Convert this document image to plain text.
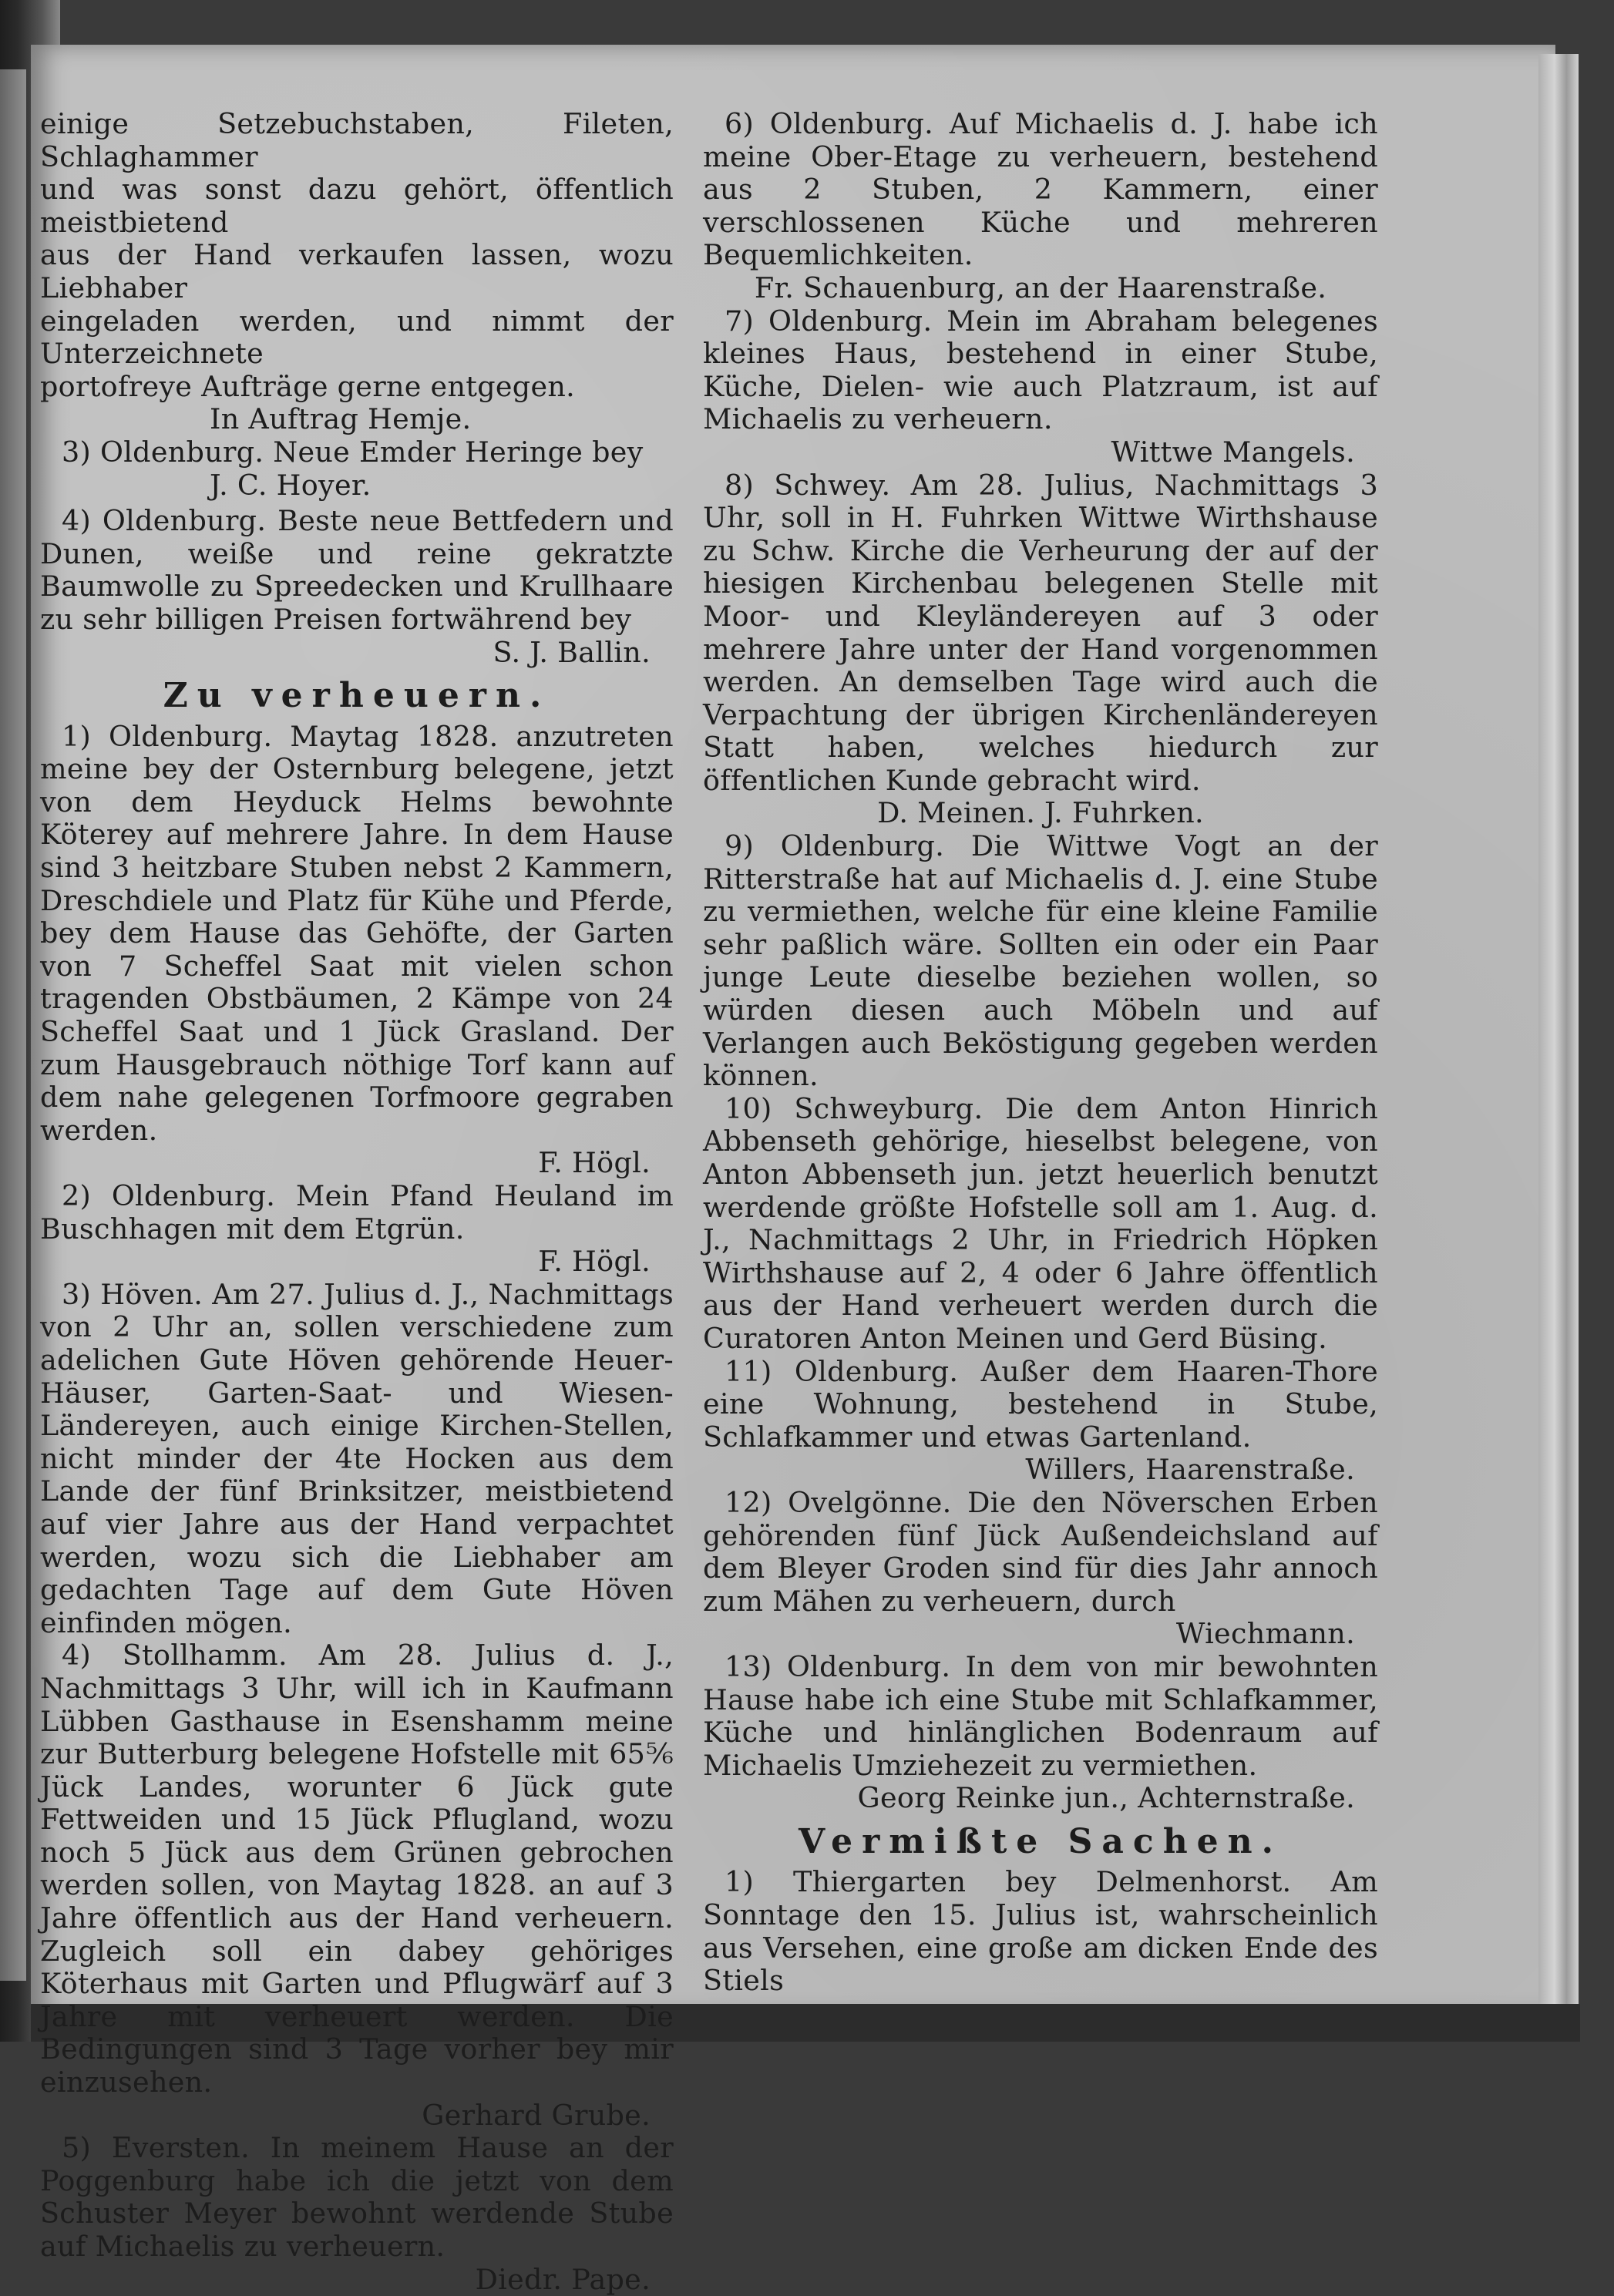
einige Setzebuchstaben, Fileten, Schlaghammer

und was sonst dazu gehört, öffentlich meistbietend

aus der Hand verkaufen lassen, wozu Liebhaber

eingeladen werden, und nimmt der Unterzeichnete

portofreye Aufträge gerne entgegen.

In Auftrag Hemje.

3) Oldenburg. Neue Emder Heringe bey

J. C. Hoyer.

4) Oldenburg. Beste neue Bettfedern und Dunen, weiße und reine gekratzte Baumwolle zu Spreedecken und Krullhaare zu sehr billigen Preisen fortwährend bey

S. J. Ballin.

Zu verheuern.

1) Oldenburg. Maytag 1828. anzutreten meine bey der Osternburg belegene, jetzt von dem Heyduck Helms bewohnte Köterey auf mehrere Jahre. In dem Hause sind 3 heitzbare Stuben nebst 2 Kammern, Dreschdiele und Platz für Kühe und Pferde, bey dem Hause das Gehöfte, der Garten von 7 Scheffel Saat mit vielen schon tragenden Obstbäumen, 2 Kämpe von 24 Scheffel Saat und 1 Jück Grasland. Der zum Hausgebrauch nöthige Torf kann auf dem nahe gelegenen Torfmoore gegraben werden.

F. Högl.

2) Oldenburg. Mein Pfand Heuland im Buschhagen mit dem Etgrün.

F. Högl.

3) Höven. Am 27. Julius d. J., Nachmittags von 2 Uhr an, sollen verschiedene zum adelichen Gute Höven gehörende Heuer-Häuser, Garten-Saat- und Wiesen-Ländereyen, auch einige Kirchen-Stellen, nicht minder der 4te Hocken aus dem Lande der fünf Brinksitzer, meistbietend auf vier Jahre aus der Hand verpachtet werden, wozu sich die Liebhaber am gedachten Tage auf dem Gute Höven einfinden mögen.

4) Stollhamm. Am 28. Julius d. J., Nachmittags 3 Uhr, will ich in Kaufmann Lübben Gasthause in Esenshamm meine zur Butterburg belegene Hofstelle mit 65⅚ Jück Landes, worunter 6 Jück gute Fettweiden und 15 Jück Pflugland, wozu noch 5 Jück aus dem Grünen gebrochen werden sollen, von Maytag 1828. an auf 3 Jahre öffentlich aus der Hand verheuern. Zugleich soll ein dabey gehöriges Köterhaus mit Garten und Pflugwärf auf 3 Jahre mit verheuert werden. Die Bedingungen sind 3 Tage vorher bey mir einzusehen.

Gerhard Grube.

5) Eversten. In meinem Hause an der Poggenburg habe ich die jetzt von dem Schuster Meyer bewohnt werdende Stube auf Michaelis zu verheuern.

Diedr. Pape.

6) Oldenburg. Auf Michaelis d. J. habe ich meine Ober-Etage zu verheuern, bestehend aus 2 Stuben, 2 Kammern, einer verschlossenen Küche und mehreren Bequemlichkeiten.

Fr. Schauenburg, an der Haarenstraße.

7) Oldenburg. Mein im Abraham belegenes kleines Haus, bestehend in einer Stube, Küche, Dielen- wie auch Platzraum, ist auf Michaelis zu verheuern.

Wittwe Mangels.

8) Schwey. Am 28. Julius, Nachmittags 3 Uhr, soll in H. Fuhrken Wittwe Wirthshause zu Schw. Kirche die Verheurung der auf der hiesigen Kirchenbau belegenen Stelle mit Moor- und Kleyländereyen auf 3 oder mehrere Jahre unter der Hand vorgenommen werden. An demselben Tage wird auch die Verpachtung der übrigen Kirchenländereyen Statt haben, welches hiedurch zur öffentlichen Kunde gebracht wird.

D. Meinen. J. Fuhrken.

9) Oldenburg. Die Wittwe Vogt an der Ritterstraße hat auf Michaelis d. J. eine Stube zu vermiethen, welche für eine kleine Familie sehr paßlich wäre. Sollten ein oder ein Paar junge Leute dieselbe beziehen wollen, so würden diesen auch Möbeln und auf Verlangen auch Beköstigung gegeben werden können.

10) Schweyburg. Die dem Anton Hinrich Abbenseth gehörige, hieselbst belegene, von Anton Abbenseth jun. jetzt heuerlich benutzt werdende größte Hofstelle soll am 1. Aug. d. J., Nachmittags 2 Uhr, in Friedrich Höpken Wirthshause auf 2, 4 oder 6 Jahre öffentlich aus der Hand verheuert werden durch die Curatoren Anton Meinen und Gerd Büsing.

11) Oldenburg. Außer dem Haaren-Thore eine Wohnung, bestehend in Stube, Schlafkammer und etwas Gartenland.

Willers, Haarenstraße.

12) Ovelgönne. Die den Növerschen Erben gehörenden fünf Jück Außendeichsland auf dem Bleyer Groden sind für dies Jahr annoch zum Mähen zu verheuern, durch

Wiechmann.

13) Oldenburg. In dem von mir bewohnten Hause habe ich eine Stube mit Schlafkammer, Küche und hinlänglichen Bodenraum auf Michaelis Umziehezeit zu vermiethen.

Georg Reinke jun., Achternstraße.

Vermißte Sachen.

1) Thiergarten bey Delmenhorst. Am Sonntage den 15. Julius ist, wahrscheinlich aus Versehen, eine große am dicken Ende des Stiels
